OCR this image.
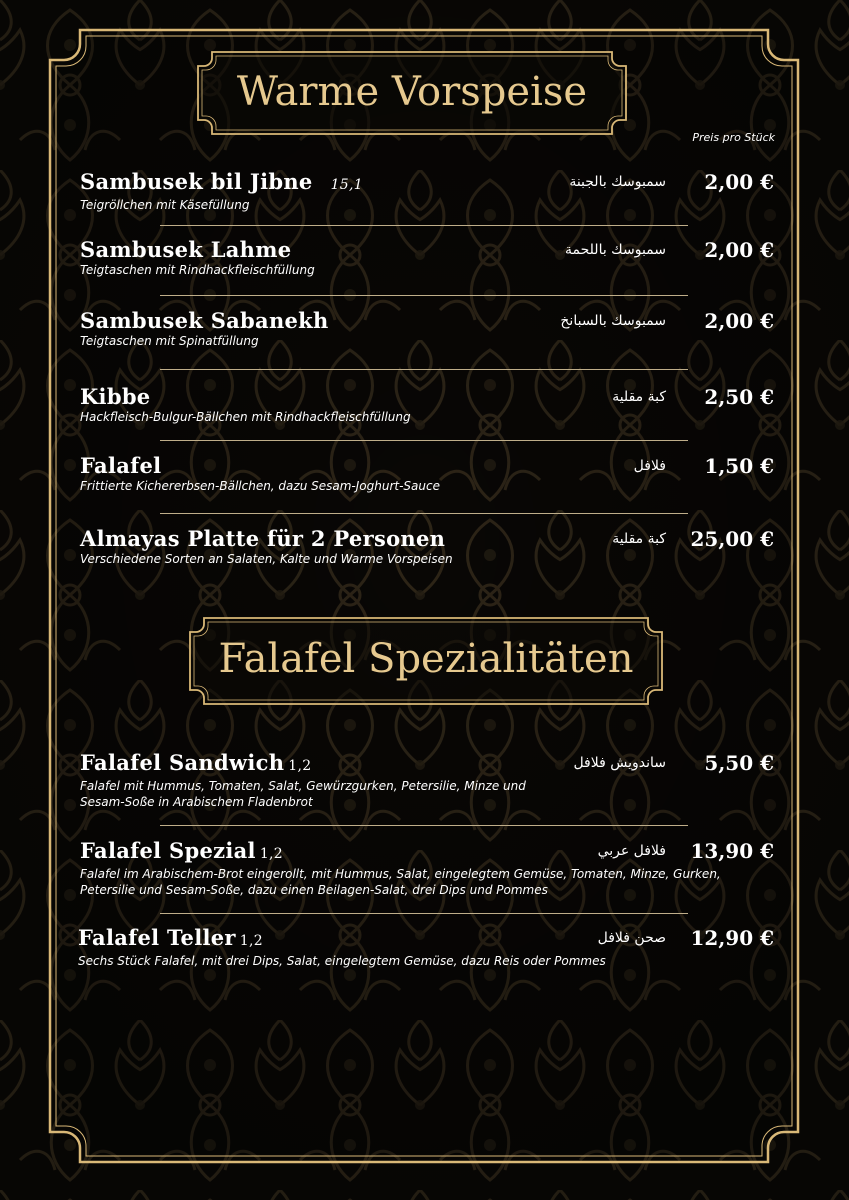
Warme Vorspeise
Preis pro Stück
Sambusek bil Jibne 15,1
Teigröllchen mit Käsefüllung
سمبوسك بالجبنة 2,00 €
Sambusek Lahme
Teigtaschen mit Rindhackfleischfüllung
سمبوسك باللحمة 2,00 €
Sambusek Sabanekh
Teigtaschen mit Spinatfüllung
سمبوسك بالسبانخ 2,00 €
Kibbe
Hackfleisch-Bulgur-Bällchen mit Rindhackfleischfüllung
كبة مقلية 2,50 €
Falafel
Frittierte Kichererbsen-Bällchen, dazu Sesam-Joghurt-Sauce
فلافل 1,50 €
Almayas Platte für 2 Personen
Verschiedene Sorten an Salaten, Kalte und Warme Vorspeisen
كبة مقلية 25,00 €
Falafel Spezialitäten
Falafel Sandwich 1,2
Falafel mit Hummus, Tomaten, Salat, Gewürzgurken, Petersilie, Minze und Sesam-Soße in Arabischem Fladenbrot
ساندويش فلافل 5,50 €
Falafel Spezial 1,2
Falafel im Arabischem-Brot eingerollt, mit Hummus, Salat, eingelegtem Gemüse, Tomaten, Minze, Gurken, Petersilie und Sesam-Soße, dazu einen Beilagen-Salat, drei Dips und Pommes
فلافل عربي 13,90 €
Falafel Teller 1,2
Sechs Stück Falafel, mit drei Dips, Salat, eingelegtem Gemüse, dazu Reis oder Pommes
صحن فلافل 12,90 €
